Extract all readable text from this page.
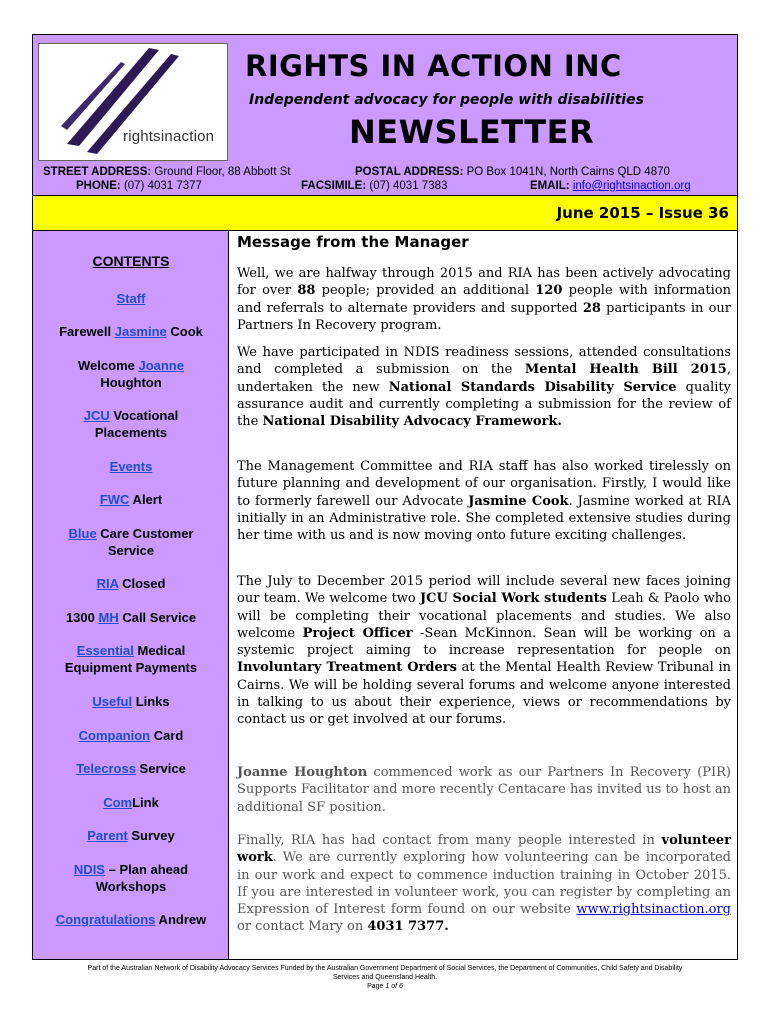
rightsinaction
RIGHTS IN ACTION INC
Independent advocacy for people with disabilities
NEWSLETTER
STREET ADDRESS: Ground Floor, 88 Abbott St	POSTAL ADDRESS: PO Box 1041N, North Cairns QLD 4870
PHONE: (07) 4031 7377	FACSIMILE: (07) 4031 7383	EMAIL: info@rightsinaction.org
June 2015 – Issue 36
CONTENTS
Staff
Farewell Jasmine Cook
Welcome Joanne
Houghton
JCU Vocational
Placements
Events
FWC Alert
Blue Care Customer
Service
RIA Closed
1300 MH Call Service
Essential Medical
Equipment Payments
Useful Links
Companion Card
Telecross Service
ComLink
Parent Survey
NDIS – Plan ahead
Workshops
Congratulations Andrew
Message from the Manager
Well, we are halfway through 2015 and RIA has been actively advocating for over 88 people; provided an additional 120 people with information and referrals to alternate providers and supported 28 participants in our Partners In Recovery program.
We have participated in NDIS readiness sessions, attended consultations and completed a submission on the Mental Health Bill 2015, undertaken the new National Standards Disability Service quality assurance audit and currently completing a submission for the review of the National Disability Advocacy Framework.
The Management Committee and RIA staff has also worked tirelessly on future planning and development of our organisation. Firstly, I would like to formerly farewell our Advocate Jasmine Cook. Jasmine worked at RIA initially in an Administrative role. She completed extensive studies during her time with us and is now moving onto future exciting challenges.
The July to December 2015 period will include several new faces joining our team. We welcome two JCU Social Work students Leah & Paolo who will be completing their vocational placements and studies. We also welcome Project Officer -Sean McKinnon. Sean will be working on a systemic project aiming to increase representation for people on Involuntary Treatment Orders at the Mental Health Review Tribunal in Cairns. We will be holding several forums and welcome anyone interested in talking to us about their experience, views or recommendations by contact us or get involved at our forums.
Joanne Houghton commenced work as our Partners In Recovery (PIR) Supports Facilitator and more recently Centacare has invited us to host an additional SF position.
Finally, RIA has had contact from many people interested in volunteer work. We are currently exploring how volunteering can be incorporated in our work and expect to commence induction training in October 2015. If you are interested in volunteer work, you can register by completing an Expression of Interest form found on our website www.rightsinaction.org or contact Mary on 4031 7377.
Part of the Australian Network of Disability Advocacy Services Funded by the Australian Government Department of Social Services, the Department of Communities, Child Safety and Disability
Services and Queensland Health.
Page 1 of 6
